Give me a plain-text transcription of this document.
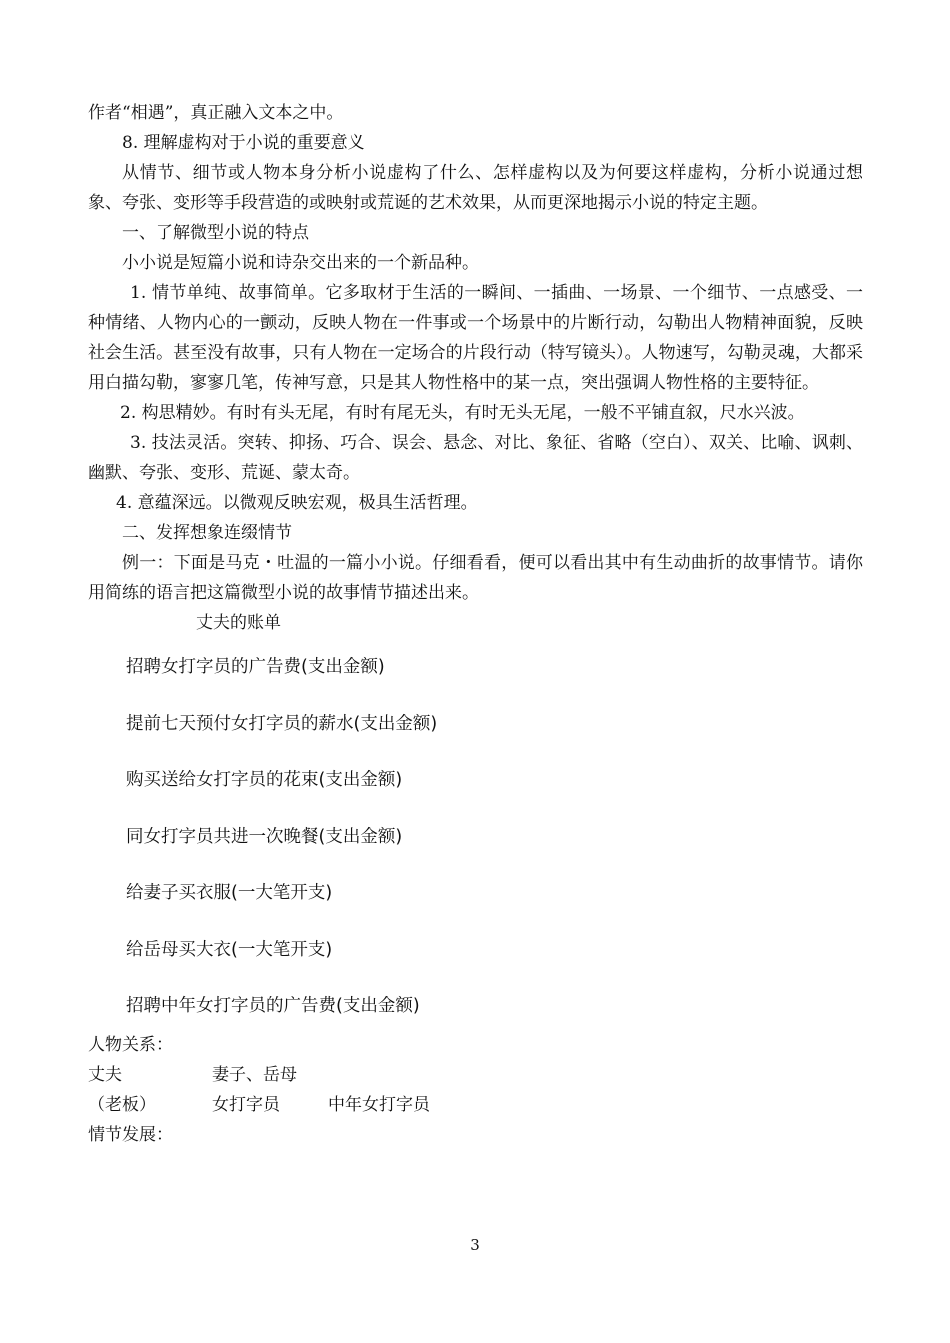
作者“相遇”，真正融入文本之中。

8. 理解虚构对于小说的重要意义

从情节、细节或人物本身分析小说虚构了什么、怎样虚构以及为何要这样虚构，分析小说通过想象、夸张、变形等手段营造的或映射或荒诞的艺术效果，从而更深地揭示小说的特定主题。

一、了解微型小说的特点

小小说是短篇小说和诗杂交出来的一个新品种。

1. 情节单纯、故事简单。它多取材于生活的一瞬间、一插曲、一场景、一个细节、一点感受、一种情绪、人物内心的一颤动，反映人物在一件事或一个场景中的片断行动，勾勒出人物精神面貌，反映社会生活。甚至没有故事，只有人物在一定场合的片段行动（特写镜头）。人物速写，勾勒灵魂，大都采用白描勾勒，寥寥几笔，传神写意，只是其人物性格中的某一点，突出强调人物性格的主要特征。

2. 构思精妙。有时有头无尾，有时有尾无头，有时无头无尾，一般不平铺直叙，尺水兴波。

3. 技法灵活。突转、抑扬、巧合、误会、悬念、对比、象征、省略（空白）、双关、比喻、讽刺、幽默、夸张、变形、荒诞、蒙太奇。

4. 意蕴深远。以微观反映宏观，极具生活哲理。

二、发挥想象连缀情节

例一：下面是马克・吐温的一篇小小说。仔细看看，便可以看出其中有生动曲折的故事情节。请你用简练的语言把这篇微型小说的故事情节描述出来。

丈夫的账单

招聘女打字员的广告费(支出金额)
提前七天预付女打字员的薪水(支出金额)
购买送给女打字员的花束(支出金额)
同女打字员共进一次晚餐(支出金额)
给妻子买衣服(一大笔开支)
给岳母买大衣(一大笔开支)
招聘中年女打字员的广告费(支出金额)

人物关系：

丈夫	妻子、岳母
（老板）	女打字员	中年女打字员

情节发展：

3
